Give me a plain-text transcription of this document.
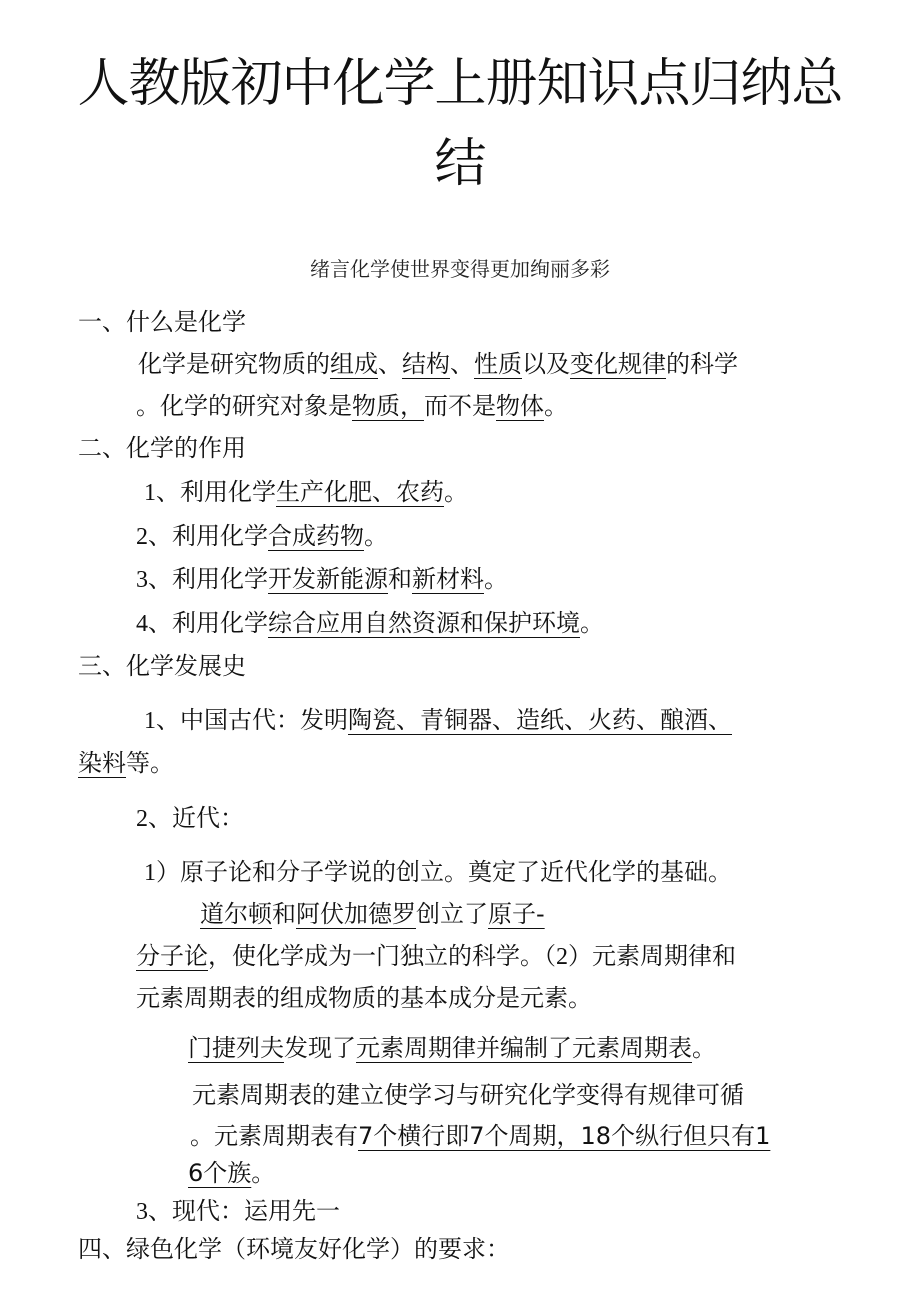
人教版初中化学上册知识点归纳总结
绪言化学使世界变得更加绚丽多彩
一、什么是化学
化学是研究物质的组成、结构、性质以及变化规律的科学
。化学的研究对象是物质，而不是物体。
二、化学的作用
1、利用化学生产化肥、农药。
2、利用化学合成药物。
3、利用化学开发新能源和新材料。
4、利用化学综合应用自然资源和保护环境。
三、化学发展史
1、中国古代：发明陶瓷、青铜器、造纸、火药、酿酒、
染料等。
2、近代：
1）原子论和分子学说的创立。奠定了近代化学的基础。
道尔顿和阿伏加德罗创立了原子-
分子论，使化学成为一门独立的科学。（2）元素周期律和
元素周期表的组成物质的基本成分是元素。
门捷列夫发现了元素周期律并编制了元素周期表。
元素周期表的建立使学习与研究化学变得有规律可循
。元素周期表有7个横行即7个周期，18个纵行但只有1
6个族。
3、现代：运用先一
四、绿色化学（环境友好化学）的要求：
